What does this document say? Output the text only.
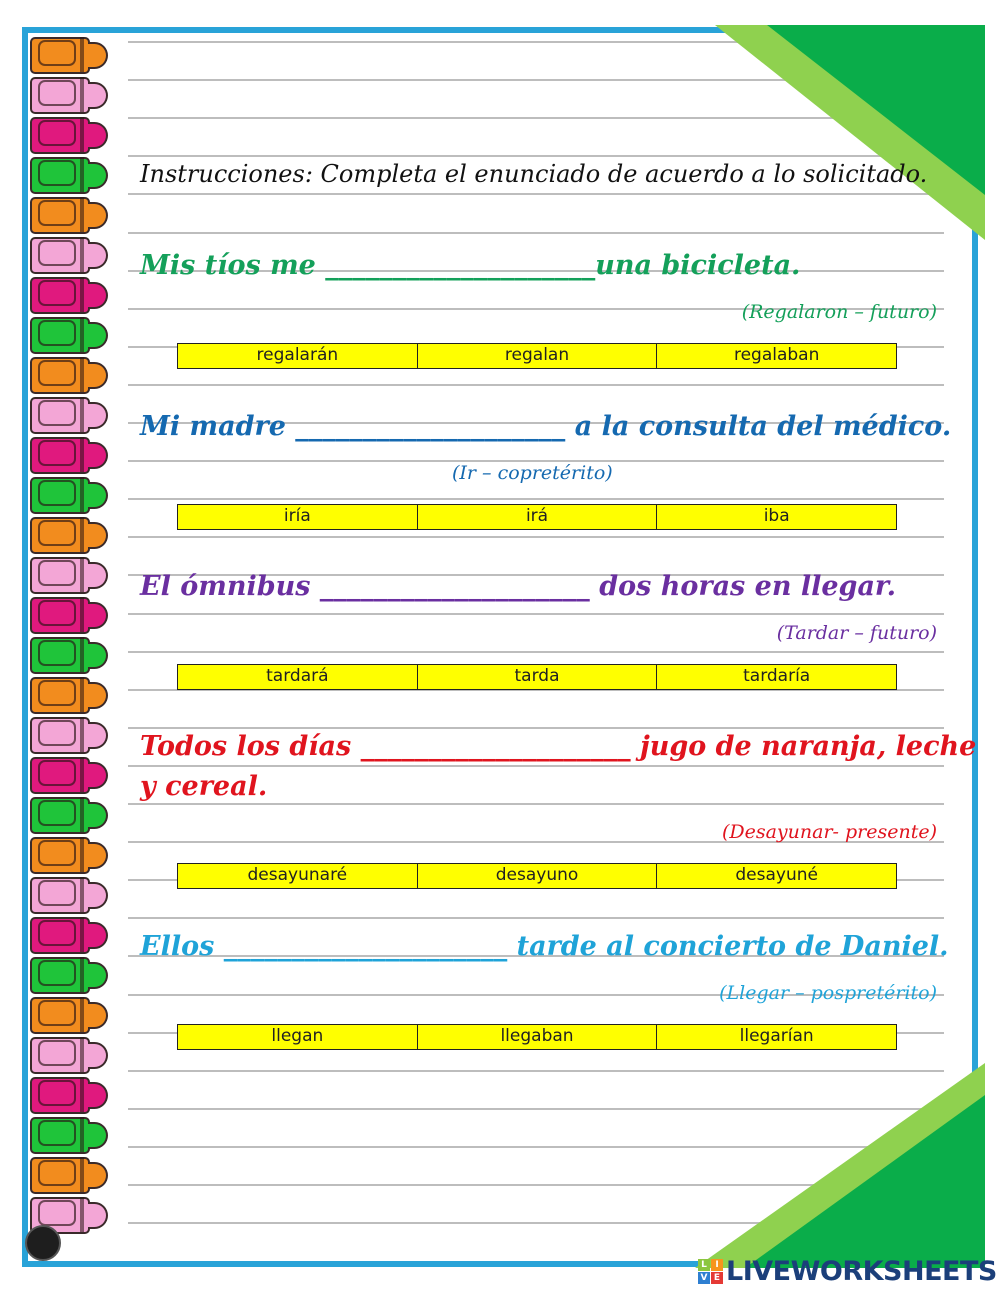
Instrucciones: Completa el enunciado de acuerdo a lo solicitado.
Mis tíos me ____________________una bicicleta.
(Regalaron – futuro)
regalarán	regalan	regalaban
Mi madre ____________________ a la consulta del médico.
(Ir – copretérito)
iría	irá	iba
El ómnibus ____________________ dos horas en llegar.
(Tardar – futuro)
tardará	tarda	tardaría
Todos los días ____________________ jugo de naranja, leche
y cereal.
(Desayunar- presente)
desayunaré	desayuno	desayuné
Ellos _____________________ tarde al concierto de Daniel.
(Llegar – pospretérito)
llegan	llegaban	llegarían
L I
V E LIVEWORKSHEETS
